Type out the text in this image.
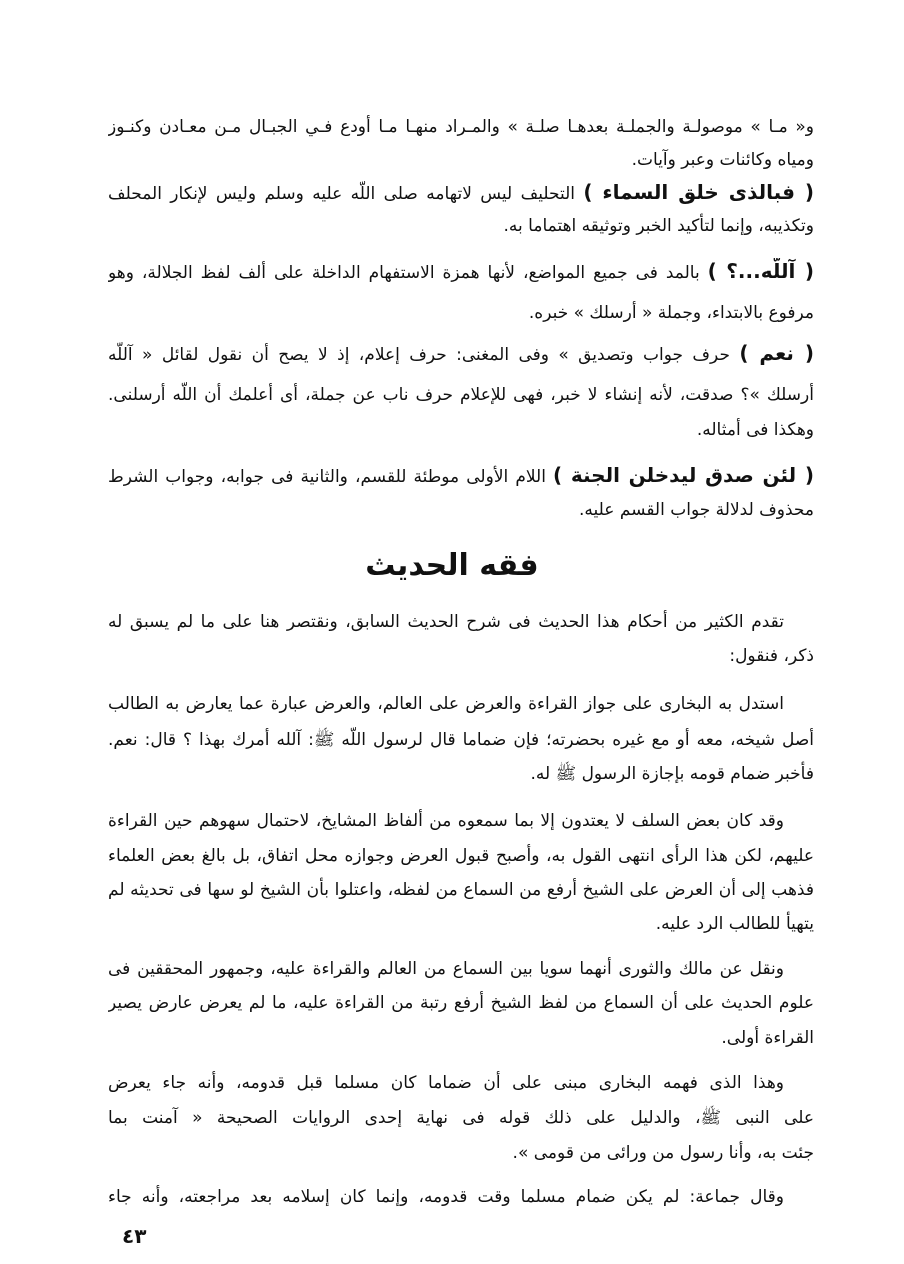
فقه الحديث
٤٣
و« مـا » موصولـة والجملـة بعدهـا صلـة » والمـراد منهـا مـا أودع فـي الجبـال مـن معـادن وكنـوز
ومياه وكائنات وعبر وآيات.
( فبالذى خلق السماء ) التحليف ليس لاتهامه صلى اللّه عليه وسلم وليس لإنكار المحلف
وتكذيبه، وإنما لتأكيد الخبر وتوثيقه اهتماما به.
( آللّه...؟ ) بالمد فى جميع المواضع، لأنها همزة الاستفهام الداخلة على ألف لفظ الجلالة، وهو
مرفوع بالابتداء، وجملة « أرسلك » خبره.
( نعم ) حرف جواب وتصديق » وفى المغنى: حرف إعلام، إذ لا يصح أن نقول لقائل « آللّه
أرسلك »؟ صدقت، لأنه إنشاء لا خبر، فهى للإعلام حرف ناب عن جملة، أى أعلمك أن اللّه أرسلنى.
وهكذا فى أمثاله.
( لئن صدق ليدخلن الجنة ) اللام الأولى موطئة للقسم، والثانية فى جوابه، وجواب الشرط
محذوف لدلالة جواب القسم عليه.
تقدم الكثير من أحكام هذا الحديث فى شرح الحديث السابق، ونقتصر هنا على ما لم يسبق له
ذكر، فنقول:
استدل به البخارى على جواز القراءة والعرض على العالم، والعرض عبارة عما يعارض به الطالب
أصل شيخه، معه أو مع غيره بحضرته؛ فإن ضماما قال لرسول اللّه ﷺ: آلله أمرك بهذا ؟ قال: نعم.
فأخبر ضمام قومه بإجازة الرسول ﷺ له.
وقد كان بعض السلف لا يعتدون إلا بما سمعوه من ألفاظ المشايخ، لاحتمال سهوهم حين القراءة
عليهم، لكن هذا الرأى انتهى القول به، وأصبح قبول العرض وجوازه محل اتفاق، بل بالغ بعض العلماء
فذهب إلى أن العرض على الشيخ أرفع من السماع من لفظه، واعتلوا بأن الشيخ لو سها فى تحديثه لم
يتهيأ للطالب الرد عليه.
ونقل عن مالك والثورى أنهما سويا بين السماع من العالم والقراءة عليه، وجمهور المحققين فى
علوم الحديث على أن السماع من لفظ الشيخ أرفع رتبة من القراءة عليه، ما لم يعرض عارض يصير
القراءة أولى.
وهذا الذى فهمه البخارى مبنى على أن ضماما كان مسلما قبل قدومه، وأنه جاء يعرض
على النبى ﷺ، والدليل على ذلك قوله فى نهاية إحدى الروايات الصحيحة « آمنت بما
جئت به، وأنا رسول من ورائى من قومى ».
وقال جماعة: لم يكن ضمام مسلما وقت قدومه، وإنما كان إسلامه بعد مراجعته، وأنه جاء
